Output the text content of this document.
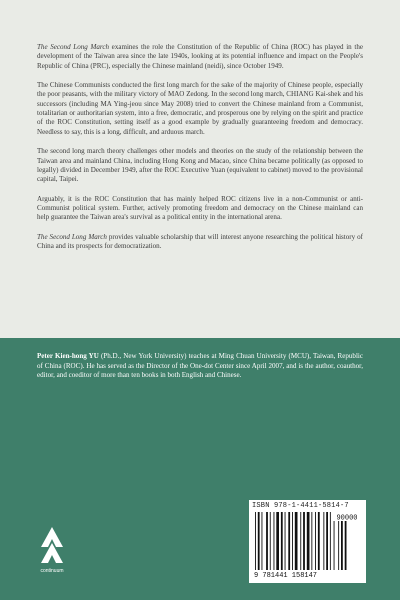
The Second Long March examines the role the Constitution of the Republic of China (ROC) has played in the development of the Taiwan area since the late 1940s, looking at its potential influence and impact on the People's Republic of China (PRC), especially the Chinese mainland (neidi), since October 1949.

The Chinese Communists conducted the first long march for the sake of the majority of Chinese people, especially the poor peasants, with the military victory of MAO Zedong. In the second long march, CHIANG Kai-shek and his successors (including MA Ying-jeou since May 2008) tried to convert the Chinese mainland from a Communist, totalitarian or authoritarian system, into a free, democratic, and prosperous one by relying on the spirit and practice of the ROC Constitution, setting itself as a good example by gradually guaranteeing freedom and democracy. Needless to say, this is a long, difficult, and arduous march.

The second long march theory challenges other models and theories on the study of the relationship between the Taiwan area and mainland China, including Hong Kong and Macao, since China became politically (as opposed to legally) divided in December 1949, after the ROC Executive Yuan (equivalent to cabinet) moved to the provisional capital, Taipei.

Arguably, it is the ROC Constitution that has mainly helped ROC citizens live in a non-Communist or anti-Communist political system. Further, actively promoting freedom and democracy on the Chinese mainland can help guarantee the Taiwan area's survival as a political entity in the international arena.

The Second Long March provides valuable scholarship that will interest anyone researching the political history of China and its prospects for democratization.

Peter Kien-hong YU (Ph.D., New York University) teaches at Ming Chuan University (MCU), Taiwan, Republic of China (ROC). He has served as the Director of the One-dot Center since April 2007, and is the author, coauthor, editor, and coeditor of more than ten books in both English and Chinese.
continuum
ISBN 978-1-4411-5814-7
90000
9 781441 158147
